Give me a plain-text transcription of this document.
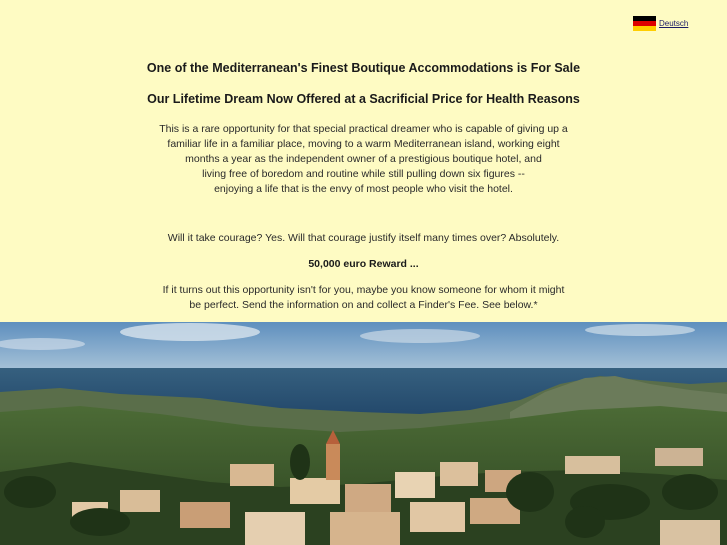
Deutsch

One of the Mediterranean's Finest Boutique Accommodations is For Sale

Our Lifetime Dream Now Offered at a Sacrificial Price for Health Reasons

This is a rare opportunity for that special practical dreamer who is capable of giving up a
familiar life in a familiar place, moving to a warm Mediterranean island, working eight
months a year as the independent owner of a prestigious boutique hotel, and
living free of boredom and routine while still pulling down six figures --
enjoying a life that is the envy of most people who visit the hotel.

Will it take courage? Yes. Will that courage justify itself many times over? Absolutely.

50,000 euro Reward ...

If it turns out this opportunity isn't for you, maybe you know someone for whom it might
be perfect. Send the information on and collect a Finder's Fee. See below.*
